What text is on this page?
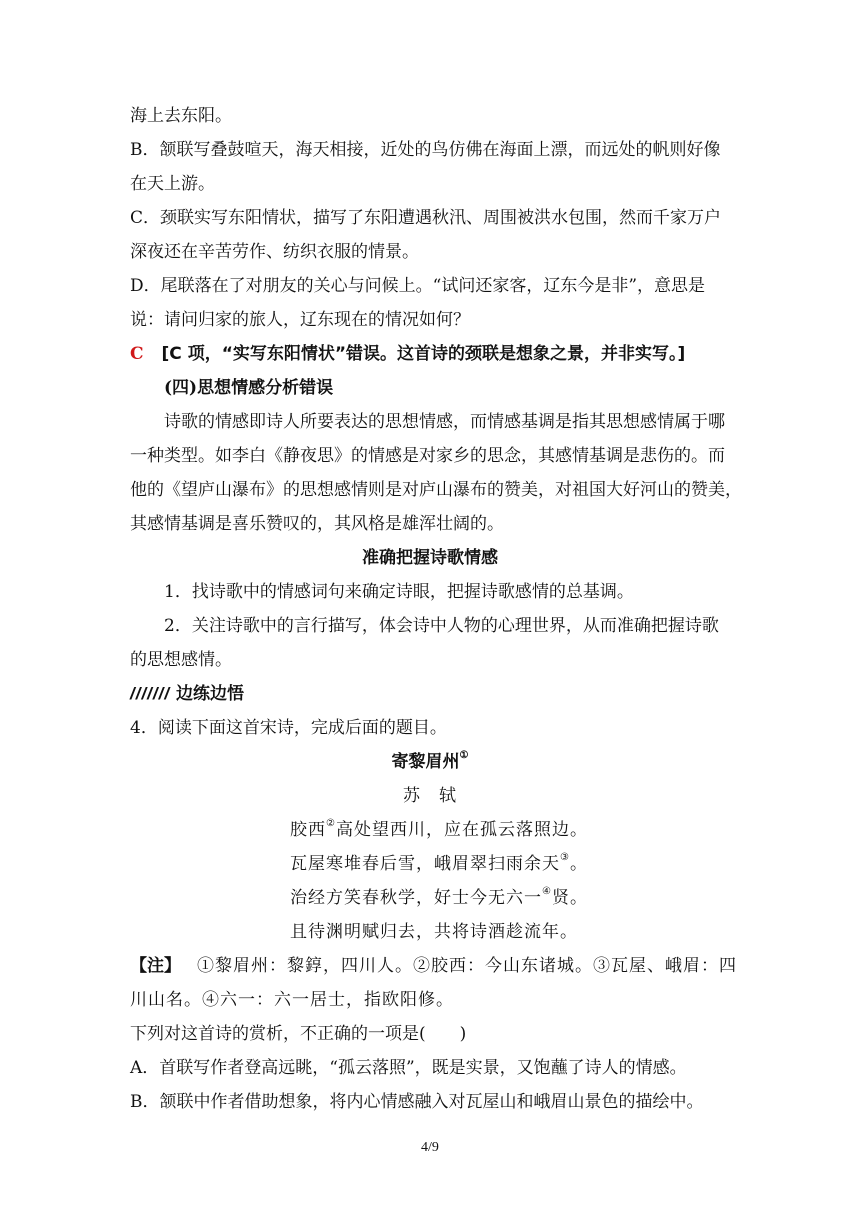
海上去东阳。
B．颔联写叠鼓喧天，海天相接，近处的鸟仿佛在海面上漂，而远处的帆则好像
在天上游。
C．颈联实写东阳情状，描写了东阳遭遇秋汛、周围被洪水包围，然而千家万户
深夜还在辛苦劳作、纺织衣服的情景。
D．尾联落在了对朋友的关心与问候上。“试问还家客，辽东今是非”，意思是
说：请问归家的旅人，辽东现在的情况如何？
C [C 项，“实写东阳情状”错误。这首诗的颈联是想象之景，并非实写。]
(四)思想情感分析错误
诗歌的情感即诗人所要表达的思想情感，而情感基调是指其思想感情属于哪
一种类型。如李白《静夜思》的情感是对家乡的思念，其感情基调是悲伤的。而
他的《望庐山瀑布》的思想感情则是对庐山瀑布的赞美，对祖国大好河山的赞美，
其感情基调是喜乐赞叹的，其风格是雄浑壮阔的。
准确把握诗歌情感
1．找诗歌中的情感词句来确定诗眼，把握诗歌感情的总基调。
2．关注诗歌中的言行描写，体会诗中人物的心理世界，从而准确把握诗歌
的思想感情。
/////// 边练边悟
4．阅读下面这首宋诗，完成后面的题目。
寄黎眉州①
苏　轼
胶西②高处望西川，应在孤云落照边。
瓦屋寒堆春后雪，峨眉翠扫雨余天③。
治经方笑春秋学，好士今无六一④贤。
且待渊明赋归去，共将诗酒趁流年。
【注】 ①黎眉州：黎錞，四川人。②胶西：今山东诸城。③瓦屋、峨眉：四
川山名。④六一：六一居士，指欧阳修。
下列对这首诗的赏析，不正确的一项是(　　)
A．首联写作者登高远眺，“孤云落照”，既是实景，又饱蘸了诗人的情感。
B．颔联中作者借助想象，将内心情感融入对瓦屋山和峨眉山景色的描绘中。
4/9
